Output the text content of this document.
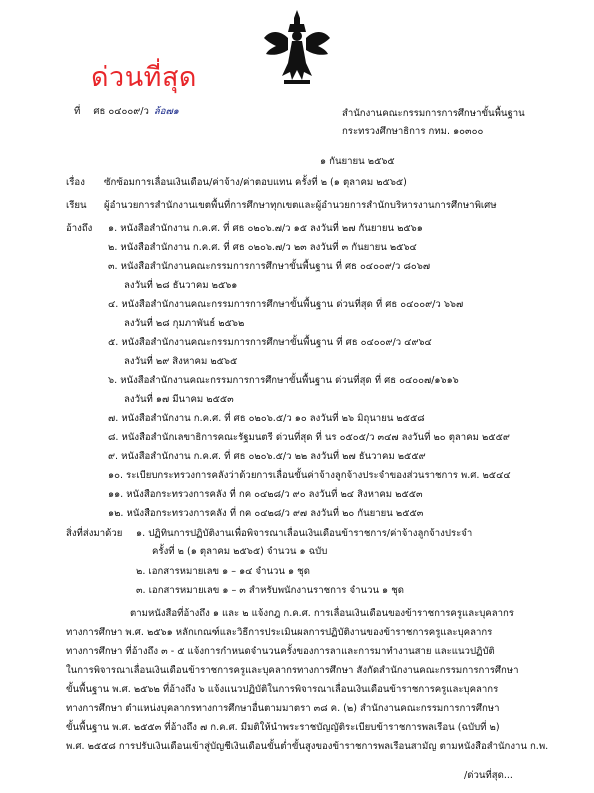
ด่วนที่สุด
ที่ ศธ ๐๔๐๐๙/ว ล้อ๗๑	สำนักงานคณะกรรมการการศึกษาขั้นพื้นฐาน
กระทรวงศึกษาธิการ กทม. ๑๐๓๐๐
๑ กันยายน ๒๕๖๕
เรื่อง ซักซ้อมการเลื่อนเงินเดือน/ค่าจ้าง/ค่าตอบแทน ครั้งที่ ๒ (๑ ตุลาคม ๒๕๖๕)
เรียน ผู้อำนวยการสำนักงานเขตพื้นที่การศึกษาทุกเขตและผู้อำนวยการสำนักบริหารงานการศึกษาพิเศษ
อ้างถึง ๑. หนังสือสำนักงาน ก.ค.ศ. ที่ ศธ ๐๒๐๖.๗/ว ๑๕ ลงวันที่ ๒๗ กันยายน ๒๕๖๑
๒. หนังสือสำนักงาน ก.ค.ศ. ที่ ศธ ๐๒๐๖.๗/ว ๒๓ ลงวันที่ ๓ กันยายน ๒๕๖๔
๓. หนังสือสำนักงานคณะกรรมการการศึกษาขั้นพื้นฐาน ที่ ศธ ๐๔๐๐๙/ว ๘๐๖๗
ลงวันที่ ๒๘ ธันวาคม ๒๕๖๑
๔. หนังสือสำนักงานคณะกรรมการการศึกษาขั้นพื้นฐาน ด่วนที่สุด ที่ ศธ ๐๔๐๐๙/ว ๖๖๗
ลงวันที่ ๒๘ กุมภาพันธ์ ๒๕๖๒
๕. หนังสือสำนักงานคณะกรรมการการศึกษาขั้นพื้นฐาน ที่ ศธ ๐๔๐๐๙/ว ๔๙๖๔
ลงวันที่ ๒๙ สิงหาคม ๒๕๖๕
๖. หนังสือสำนักงานคณะกรรมการการศึกษาขั้นพื้นฐาน ด่วนที่สุด ที่ ศธ ๐๔๐๐๗/๑๖๑๖
ลงวันที่ ๑๗ มีนาคม ๒๕๕๓
๗. หนังสือสำนักงาน ก.ค.ศ. ที่ ศธ ๐๒๐๖.๕/ว ๑๐ ลงวันที่ ๒๖ มิถุนายน ๒๕๕๘
๘. หนังสือสำนักเลขาธิการคณะรัฐมนตรี ด่วนที่สุด ที่ นร ๐๕๐๕/ว ๓๔๗ ลงวันที่ ๒๐ ตุลาคม ๒๕๕๙
๙. หนังสือสำนักงาน ก.ค.ศ. ที่ ศธ ๐๒๐๖.๕/ว ๒๒ ลงวันที่ ๒๗ ธันวาคม ๒๕๕๙
๑๐. ระเบียบกระทรวงการคลังว่าด้วยการเลื่อนขั้นค่าจ้างลูกจ้างประจำของส่วนราชการ พ.ศ. ๒๕๔๔
๑๑. หนังสือกระทรวงการคลัง ที่ กค ๐๔๒๘/ว ๙๐ ลงวันที่ ๒๔ สิงหาคม ๒๕๕๓
๑๒. หนังสือกระทรวงการคลัง ที่ กค ๐๔๒๘/ว ๙๗ ลงวันที่ ๒๐ กันยายน ๒๕๕๓
สิ่งที่ส่งมาด้วย ๑. ปฏิทินการปฏิบัติงานเพื่อพิจารณาเลื่อนเงินเดือนข้าราชการ/ค่าจ้างลูกจ้างประจำ
ครั้งที่ ๒ (๑ ตุลาคม ๒๕๖๕) จำนวน ๑ ฉบับ
๒. เอกสารหมายเลข ๑ – ๑๔ จำนวน ๑ ชุด
๓. เอกสารหมายเลข ๑ – ๓ สำหรับพนักงานราชการ จำนวน ๑ ชุด
ตามหนังสือที่อ้างถึง ๑ และ ๒ แจ้งกฎ ก.ค.ศ. การเลื่อนเงินเดือนของข้าราชการครูและบุคลากร
ทางการศึกษา พ.ศ. ๒๕๖๑ หลักเกณฑ์และวิธีการประเมินผลการปฏิบัติงานของข้าราชการครูและบุคลากร
ทางการศึกษา ที่อ้างถึง ๓ - ๕ แจ้งการกำหนดจำนวนครั้งของการลาและการมาทำงานสาย และแนวปฏิบัติ
ในการพิจารณาเลื่อนเงินเดือนข้าราชการครูและบุคลากรทางการศึกษา สังกัดสำนักงานคณะกรรมการการศึกษา
ขั้นพื้นฐาน พ.ศ. ๒๕๖๒ ที่อ้างถึง ๖ แจ้งแนวปฏิบัติในการพิจารณาเลื่อนเงินเดือนข้าราชการครูและบุคลากร
ทางการศึกษา ตำแหน่งบุคลากรทางการศึกษาอื่นตามมาตรา ๓๘ ค. (๒) สำนักงานคณะกรรมการการศึกษา
ขั้นพื้นฐาน พ.ศ. ๒๕๕๓ ที่อ้างถึง ๗ ก.ค.ศ. มีมติให้นำพระราชบัญญัติระเบียบข้าราชการพลเรือน (ฉบับที่ ๒)
พ.ศ. ๒๕๕๘ การปรับเงินเดือนเข้าสู่บัญชีเงินเดือนขั้นต่ำขั้นสูงของข้าราชการพลเรือนสามัญ ตามหนังสือสำนักงาน ก.พ.
/ด่วนที่สุด...
